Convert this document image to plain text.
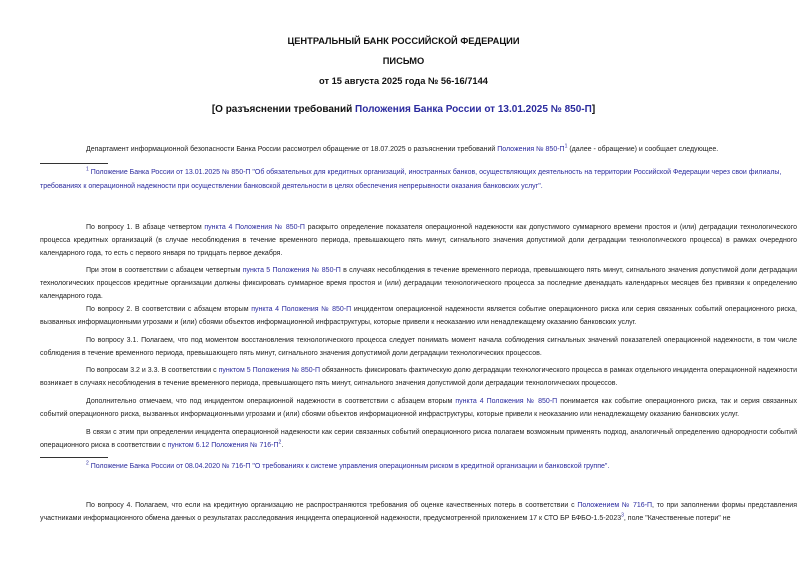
ЦЕНТРАЛЬНЫЙ БАНК РОССИЙСКОЙ ФЕДЕРАЦИИ
ПИСЬМО
от 15 августа 2025 года № 56-16/7144
[О разъяснении требований Положения Банка России от 13.01.2025 № 850-П]
Департамент информационной безопасности Банка России рассмотрел обращение от 18.07.2025 о разъяснении требований Положения № $850-П^1$ (далее - обращение) и сообщает следующее.
$^1$ Положение Банка России от 13.01.2025 № 850-П "Об обязательных для кредитных организаций, иностранных банков, осуществляющих деятельность на территории Российской Федерации через свои филиалы, требованиях к операционной надежности при осуществлении банковской деятельности в целях обеспечения непрерывности оказания банковских услуг".
По вопросу 1. В абзаце четвертом пункта 4 Положения № 850-П раскрыто определение показателя операционной надежности как допустимого суммарного времени простоя и (или) деградации технологического процесса кредитных организаций (в случае несоблюдения в течение временного периода, превышающего пять минут, сигнального значения допустимой доли деградации технологического процесса) в рамках очередного календарного года, то есть с первого января по тридцать первое декабря.
При этом в соответствии с абзацем четвертым пункта 5 Положения № 850-П в случаях несоблюдения в течение временного периода, превышающего пять минут, сигнального значения допустимой доли деградации технологических процессов кредитные организации должны фиксировать суммарное время простоя и (или) деградации технологического процесса за последние двенадцать календарных месяцев без привязки к определению календарного года.
По вопросу 2. В соответствии с абзацем вторым пункта 4 Положения № 850-П инцидентом операционной надежности является событие операционного риска или серия связанных событий операционного риска, вызванных информационными угрозами и (или) сбоями объектов информационной инфраструктуры, которые привели к неоказанию или ненадлежащему оказанию банковских услуг.
По вопросу 3.1. Полагаем, что под моментом восстановления технологического процесса следует понимать момент начала соблюдения сигнальных значений показателей операционной надежности, в том числе соблюдения в течение временного периода, превышающего пять минут, сигнального значения допустимой доли деградации технологических процессов.
По вопросам 3.2 и 3.3. В соответствии с пунктом 5 Положения № 850-П обязанность фиксировать фактическую долю деградации технологического процесса в рамках отдельного инцидента операционной надежности возникает в случаях несоблюдения в течение временного периода, превышающего пять минут, сигнального значения допустимой доли деградации технологических процессов.
Дополнительно отмечаем, что под инцидентом операционной надежности в соответствии с абзацем вторым пункта 4 Положения № 850-П понимается как событие операционного риска, так и серия связанных событий операционного риска, вызванных информационными угрозами и (или) сбоями объектов информационной инфраструктуры, которые привели к неоказанию или ненадлежащему оказанию банковских услуг.
В связи с этим при определении инцидента операционной надежности как серии связанных событий операционного риска полагаем возможным применять подход, аналогичный определению однородности событий операционного риска в соответствии с пунктом 6.12 Положения № $716-П^2$.
$^2$ Положение Банка России от 08.04.2020 № 716-П "О требованиях к системе управления операционным риском в кредитной организации и банковской группе".
По вопросу 4. Полагаем, что если на кредитную организацию не распространяются требования об оценке качественных потерь в соответствии с Положением № 716-П, то при заполнении формы представления участниками информационного обмена данных о результатах расследования инцидента операционной надежности, предусмотренной приложением 17 к СТО БР БФБО-1.5-2023$^3$, поле "Качественные потери" не
